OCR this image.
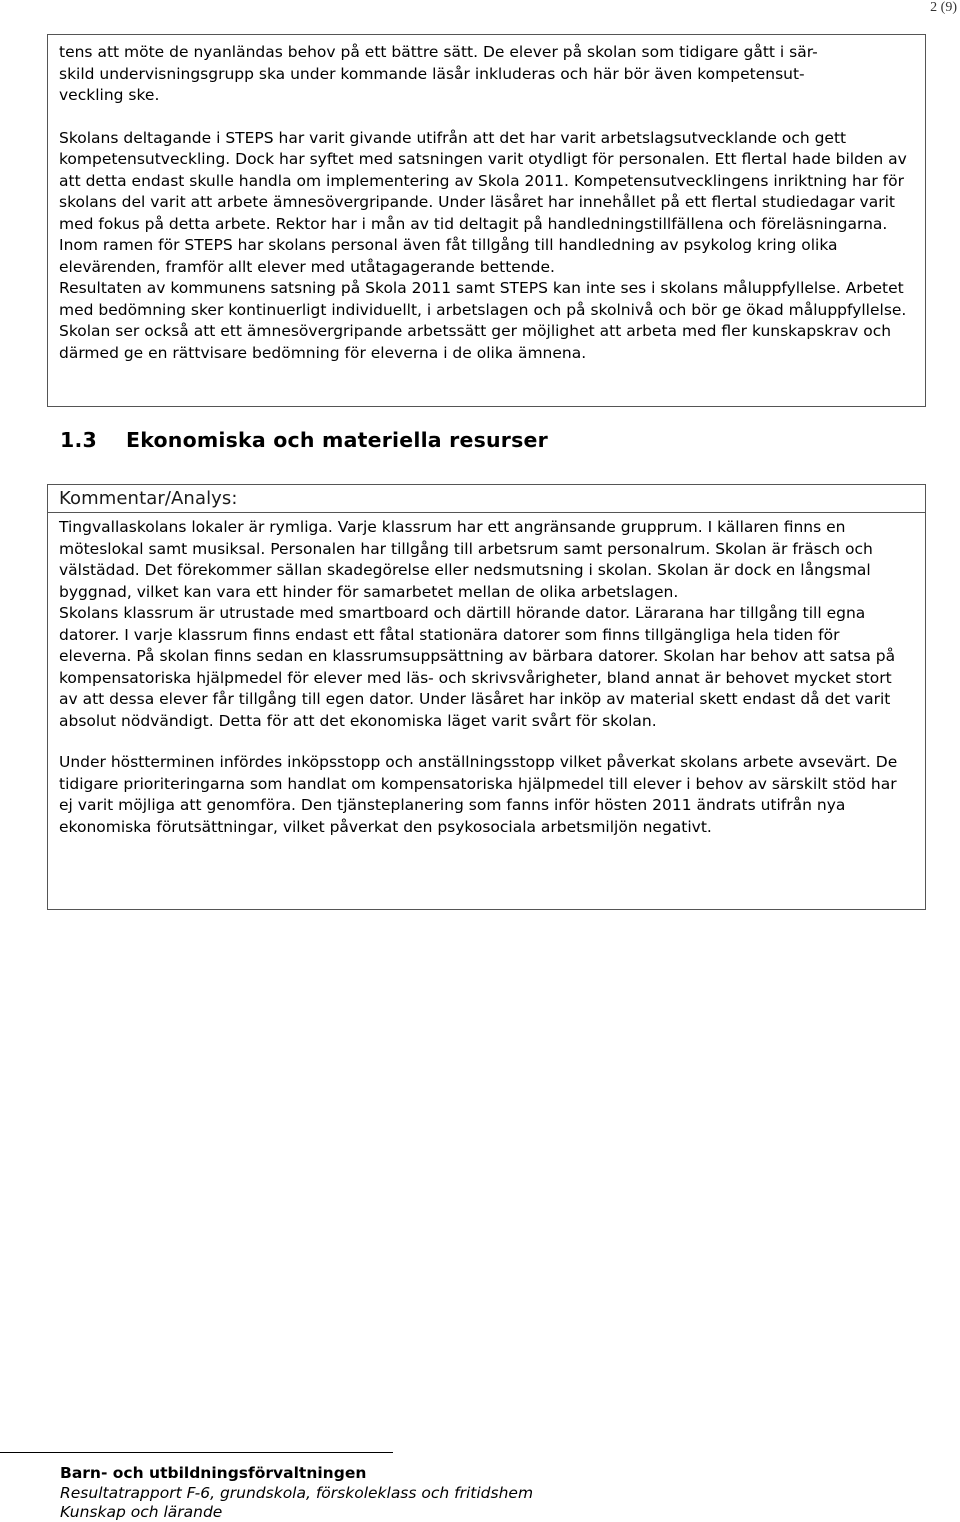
2 (9)

tens att möte de nyanländas behov på ett bättre sätt. De elever på skolan som tidigare gått i sär-
skild undervisningsgrupp ska under kommande läsår inkluderas och här bör även kompetensut-
veckling ske.

Skolans deltagande i STEPS har varit givande utifrån att det har varit arbetslagsutvecklande och gett kompetensutveckling. Dock har syftet med satsningen varit otydligt för personalen. Ett flertal hade bilden av att detta endast skulle handla om implementering av Skola 2011. Kompetensutvecklingens inriktning har för skolans del varit att arbete ämnesövergripande. Under läsåret har innehållet på ett flertal studiedagar varit med fokus på detta arbete. Rektor har i mån av tid deltagit på handledningstillfällena och föreläsningarna. Inom ramen för STEPS har skolans personal även fåt tillgång till handledning av psykolog kring olika elevärenden, framför allt elever med utåtagagerande bettende.

Resultaten av kommunens satsning på Skola 2011 samt STEPS kan inte ses i skolans måluppfyllelse. Arbetet med bedömning sker kontinuerligt individuellt, i arbetslagen och på skolnivå och bör ge ökad måluppfyllelse. Skolan ser också att ett ämnesövergripande arbetssätt ger möjlighet att arbeta med fler kunskapskrav och därmed ge en rättvisare bedömning för eleverna i de olika ämnena.

1.3 Ekonomiska och materiella resurser
Kommentar/Analys:

Tingvallaskolans lokaler är rymliga. Varje klassrum har ett angränsande grupprum. I källaren finns en möteslokal samt musiksal. Personalen har tillgång till arbetsrum samt personalrum. Skolan är fräsch och välstädad. Det förekommer sällan skadegörelse eller nedsmutsning i skolan. Skolan är dock en långsmal byggnad, vilket kan vara ett hinder för samarbetet mellan de olika arbetslagen.

Skolans klassrum är utrustade med smartboard och därtill hörande dator. Lärarana har tillgång till egna datorer. I varje klassrum finns endast ett fåtal stationära datorer som finns tillgängliga hela tiden för eleverna. På skolan finns sedan en klassrumsuppsättning av bärbara datorer. Skolan har behov att satsa på kompensatoriska hjälpmedel för elever med läs- och skrivsvårigheter, bland annat är behovet mycket stort av att dessa elever får tillgång till egen dator. Under läsåret har inköp av material skett endast då det varit absolut nödvändigt. Detta för att det ekonomiska läget varit svårt för skolan.

Under höstterminen infördes inköpsstopp och anställningsstopp vilket påverkat skolans arbete avsevärt. De tidigare prioriteringarna som handlat om kompensatoriska hjälpmedel till elever i behov av särskilt stöd har ej varit möjliga att genomföra. Den tjänsteplanering som fanns inför hösten 2011 ändrats utifrån nya ekonomiska förutsättningar, vilket påverkat den psykosociala arbetsmiljön negativt.

Barn- och utbildningsförvaltningen
Resultatrapport F-6, grundskola, förskoleklass och fritidshem
Kunskap och lärande
